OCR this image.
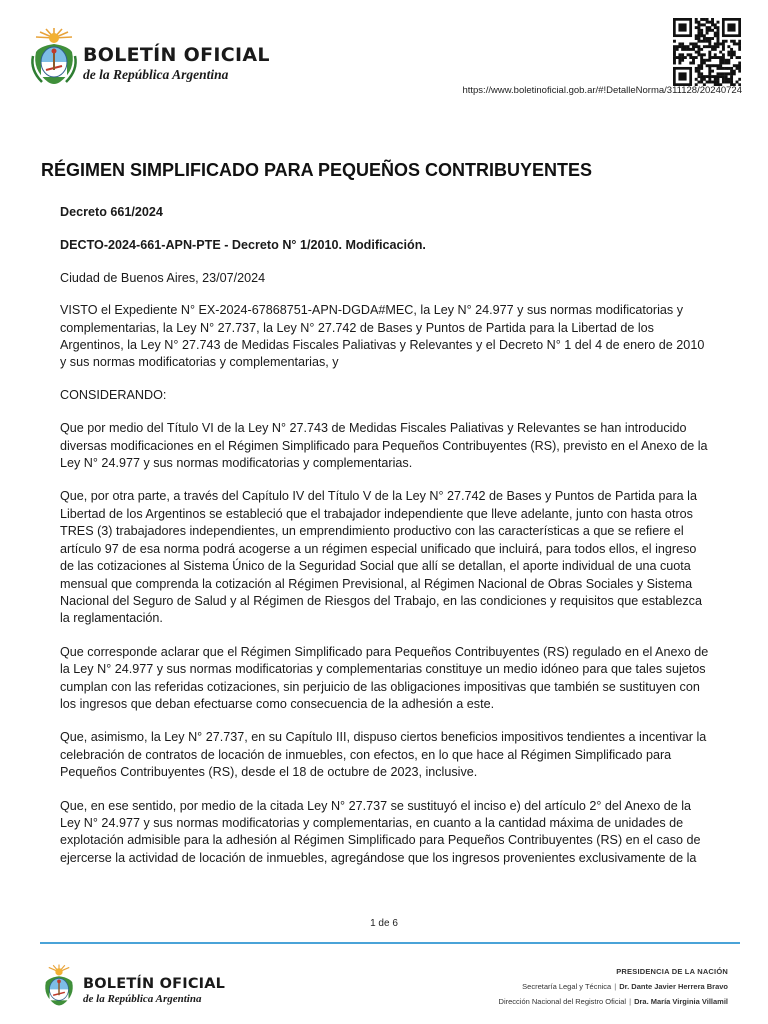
BOLETÍN OFICIAL
de la República Argentina
https://www.boletinoficial.gob.ar/#!DetalleNorma/311128/20240724
RÉGIMEN SIMPLIFICADO PARA PEQUEÑOS CONTRIBUYENTES

Decreto 661/2024

DECTO-2024-661-APN-PTE - Decreto N° 1/2010. Modificación.

Ciudad de Buenos Aires, 23/07/2024

VISTO el Expediente N° EX-2024-67868751-APN-DGDA#MEC, la Ley N° 24.977 y sus normas modificatorias y complementarias, la Ley N° 27.737, la Ley N° 27.742 de Bases y Puntos de Partida para la Libertad de los Argentinos, la Ley N° 27.743 de Medidas Fiscales Paliativas y Relevantes y el Decreto N° 1 del 4 de enero de 2010 y sus normas modificatorias y complementarias, y

CONSIDERANDO:

Que por medio del Título VI de la Ley N° 27.743 de Medidas Fiscales Paliativas y Relevantes se han introducido diversas modificaciones en el Régimen Simplificado para Pequeños Contribuyentes (RS), previsto en el Anexo de la Ley N° 24.977 y sus normas modificatorias y complementarias.

Que, por otra parte, a través del Capítulo IV del Título V de la Ley N° 27.742 de Bases y Puntos de Partida para la Libertad de los Argentinos se estableció que el trabajador independiente que lleve adelante, junto con hasta otros TRES (3) trabajadores independientes, un emprendimiento productivo con las características a que se refiere el artículo 97 de esa norma podrá acogerse a un régimen especial unificado que incluirá, para todos ellos, el ingreso de las cotizaciones al Sistema Único de la Seguridad Social que allí se detallan, el aporte individual de una cuota mensual que comprenda la cotización al Régimen Previsional, al Régimen Nacional de Obras Sociales y Sistema Nacional del Seguro de Salud y al Régimen de Riesgos del Trabajo, en las condiciones y requisitos que establezca la reglamentación.

Que corresponde aclarar que el Régimen Simplificado para Pequeños Contribuyentes (RS) regulado en el Anexo de la Ley N° 24.977 y sus normas modificatorias y complementarias constituye un medio idóneo para que tales sujetos cumplan con las referidas cotizaciones, sin perjuicio de las obligaciones impositivas que también se sustituyen con los ingresos que deban efectuarse como consecuencia de la adhesión a este.

Que, asimismo, la Ley N° 27.737, en su Capítulo III, dispuso ciertos beneficios impositivos tendientes a incentivar la celebración de contratos de locación de inmuebles, con efectos, en lo que hace al Régimen Simplificado para Pequeños Contribuyentes (RS), desde el 18 de octubre de 2023, inclusive.

Que, en ese sentido, por medio de la citada Ley N° 27.737 se sustituyó el inciso e) del artículo 2° del Anexo de la Ley N° 24.977 y sus normas modificatorias y complementarias, en cuanto a la cantidad máxima de unidades de explotación admisible para la adhesión al Régimen Simplificado para Pequeños Contribuyentes (RS) en el caso de ejercerse la actividad de locación de inmuebles, agregándose que los ingresos provenientes exclusivamente de la

1 de 6
BOLETÍN OFICIAL
de la República Argentina
PRESIDENCIA DE LA NACIÓN
Secretaría Legal y Técnica | Dr. Dante Javier Herrera Bravo
Dirección Nacional del Registro Oficial | Dra. María Virginia Villamil
